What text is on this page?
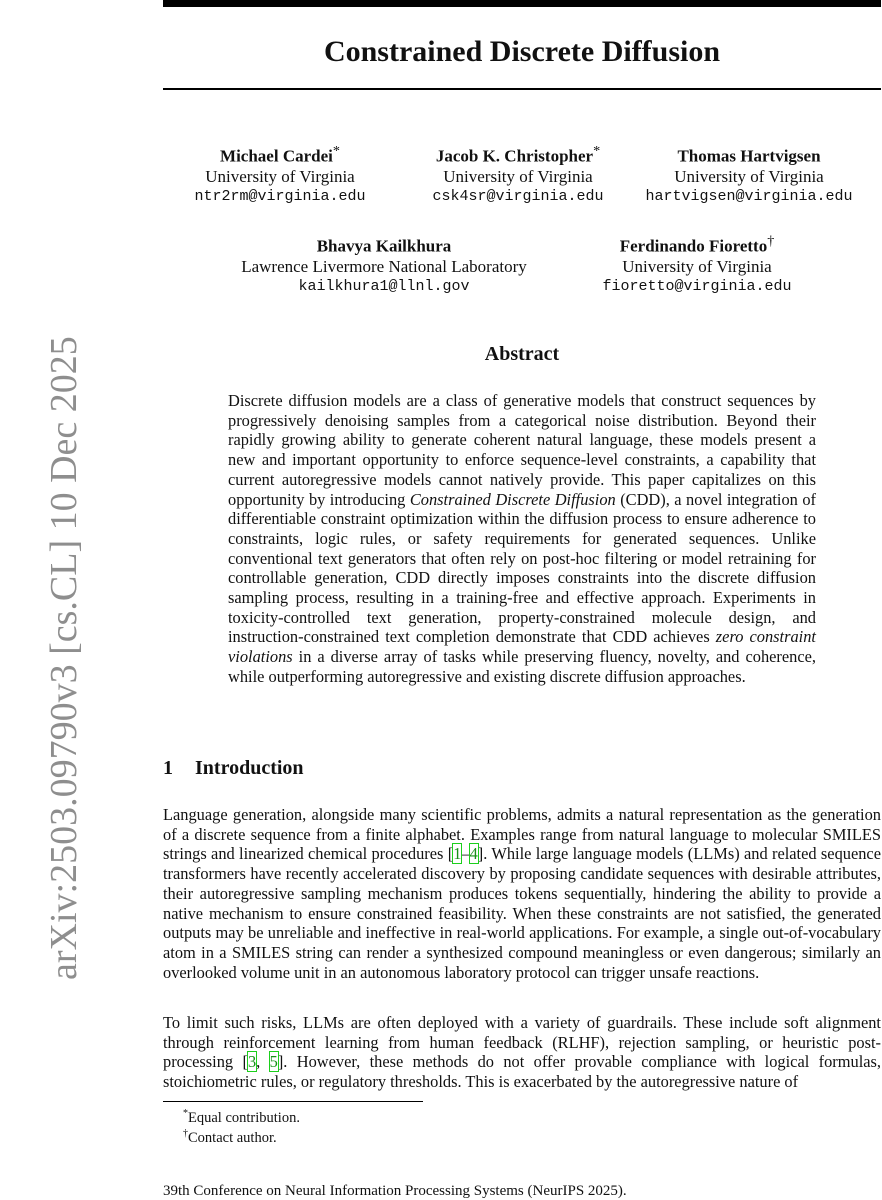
arXiv:2503.09790v3 [cs.CL] 10 Dec 2025
Constrained Discrete Diffusion
Michael Cardei*
University of Virginia
ntr2rm@virginia.edu
Jacob K. Christopher*
University of Virginia
csk4sr@virginia.edu
Thomas Hartvigsen
University of Virginia
hartvigsen@virginia.edu
Bhavya Kailkhura
Lawrence Livermore National Laboratory
kailkhura1@llnl.gov
Ferdinando Fioretto†
University of Virginia
fioretto@virginia.edu
Abstract
Discrete diffusion models are a class of generative models that construct sequences by progressively denoising samples from a categorical noise distribution. Beyond their rapidly growing ability to generate coherent natural language, these models present a new and important opportunity to enforce sequence-level constraints, a capability that current autoregressive models cannot natively provide. This paper capitalizes on this opportunity by introducing Constrained Discrete Diffusion (CDD), a novel integration of differentiable constraint optimization within the diffusion process to ensure adherence to constraints, logic rules, or safety requirements for generated sequences. Unlike conventional text generators that often rely on post-hoc filtering or model retraining for controllable generation, CDD directly imposes constraints into the discrete diffusion sampling process, resulting in a training-free and effective approach. Experiments in toxicity-controlled text generation, property-constrained molecule design, and instruction-constrained text completion demonstrate that CDD achieves zero constraint violations in a diverse array of tasks while preserving fluency, novelty, and coherence, while outperforming autoregressive and existing discrete diffusion approaches.
1 Introduction
Language generation, alongside many scientific problems, admits a natural representation as the generation of a discrete sequence from a finite alphabet. Examples range from natural language to molecular SMILES strings and linearized chemical procedures [1–4]. While large language models (LLMs) and related sequence transformers have recently accelerated discovery by proposing candidate sequences with desirable attributes, their autoregressive sampling mechanism produces tokens sequentially, hindering the ability to provide a native mechanism to ensure constrained feasibility. When these constraints are not satisfied, the generated outputs may be unreliable and ineffective in real-world applications. For example, a single out-of-vocabulary atom in a SMILES string can render a synthesized compound meaningless or even dangerous; similarly an overlooked volume unit in an autonomous laboratory protocol can trigger unsafe reactions.
To limit such risks, LLMs are often deployed with a variety of guardrails. These include soft alignment through reinforcement learning from human feedback (RLHF), rejection sampling, or heuristic post-processing [3, 5]. However, these methods do not offer provable compliance with logical formulas, stoichiometric rules, or regulatory thresholds. This is exacerbated by the autoregressive nature of
*Equal contribution.
†Contact author.
39th Conference on Neural Information Processing Systems (NeurIPS 2025).
